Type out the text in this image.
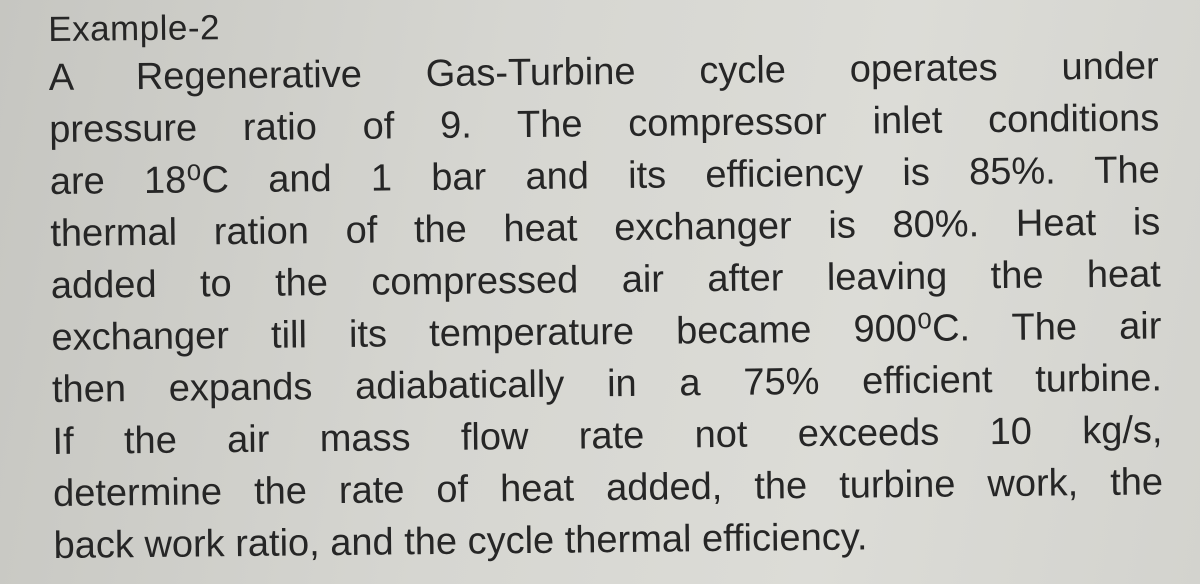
Example-2
A Regenerative Gas-Turbine cycle operates under
pressure ratio of 9. The compressor inlet conditions
are 18⁰C and 1 bar and its efficiency is 85%. The
thermal ration of the heat exchanger is 80%. Heat is
added to the compressed air after leaving the heat
exchanger till its temperature became 900⁰C. The air
then expands adiabatically in a 75% efficient turbine.
If the air mass flow rate not exceeds 10 kg/s,
determine the rate of heat added, the turbine work, the
back work ratio, and the cycle thermal efficiency.
